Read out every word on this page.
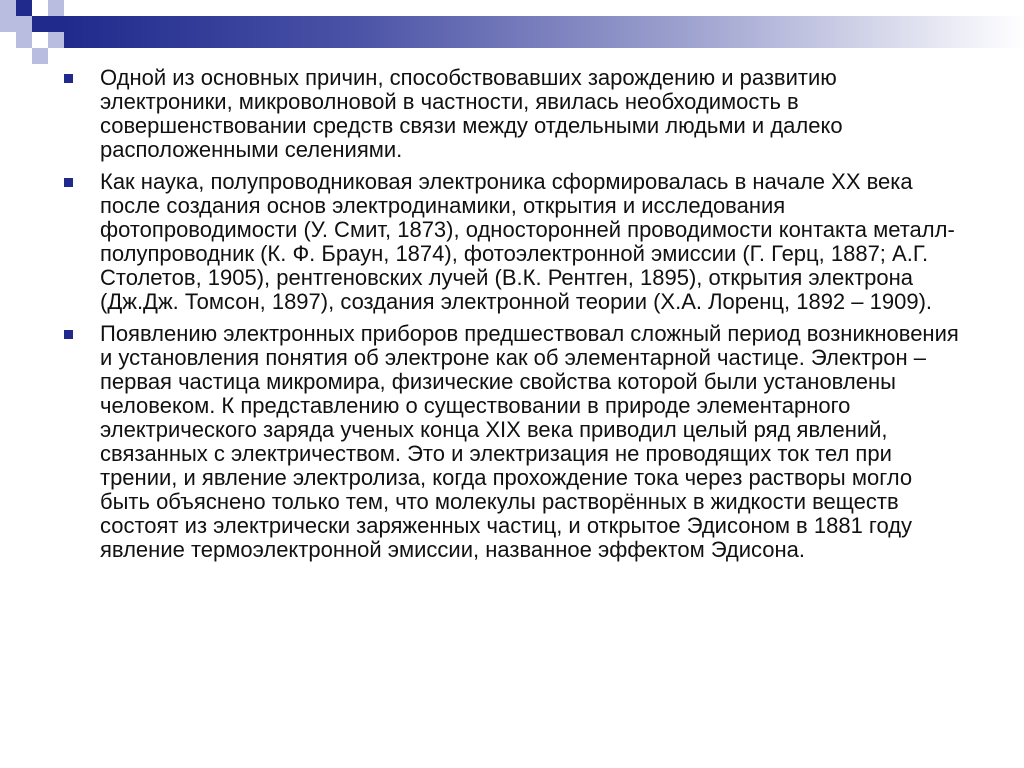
Одной из основных причин, способствовавших зарождению и развитию электроники, микроволновой в частности, явилась необходимость в совершенствовании средств связи между отдельными людьми и далеко расположенными селениями.
Как наука, полупроводниковая электроника сформировалась в начале XX века после создания основ электродинамики, открытия и исследования фотопроводимости (У. Смит, 1873), односторонней проводимости контакта металл-полупроводник (К. Ф. Браун, 1874), фотоэлектронной эмиссии (Г. Герц, 1887; А.Г. Столетов, 1905), рентгеновских лучей (В.К. Рентген, 1895), открытия электрона (Дж.Дж. Томсон, 1897), создания электронной теории (Х.А. Лоренц, 1892 – 1909).
Появлению электронных приборов предшествовал сложный период возникновения и установления понятия об электроне как об элементарной частице. Электрон – первая частица микромира, физические свойства которой были установлены человеком. К представлению о существовании в природе элементарного электрического заряда ученых конца XIX века приводил целый ряд явлений, связанных с электричеством. Это и электризация не проводящих ток тел при трении, и явление электролиза, когда прохождение тока через растворы могло быть объяснено только тем, что молекулы растворённых в жидкости веществ состоят из электрически заряженных частиц, и открытое Эдисоном в 1881 году явление термоэлектронной эмиссии, названное эффектом Эдисона.
